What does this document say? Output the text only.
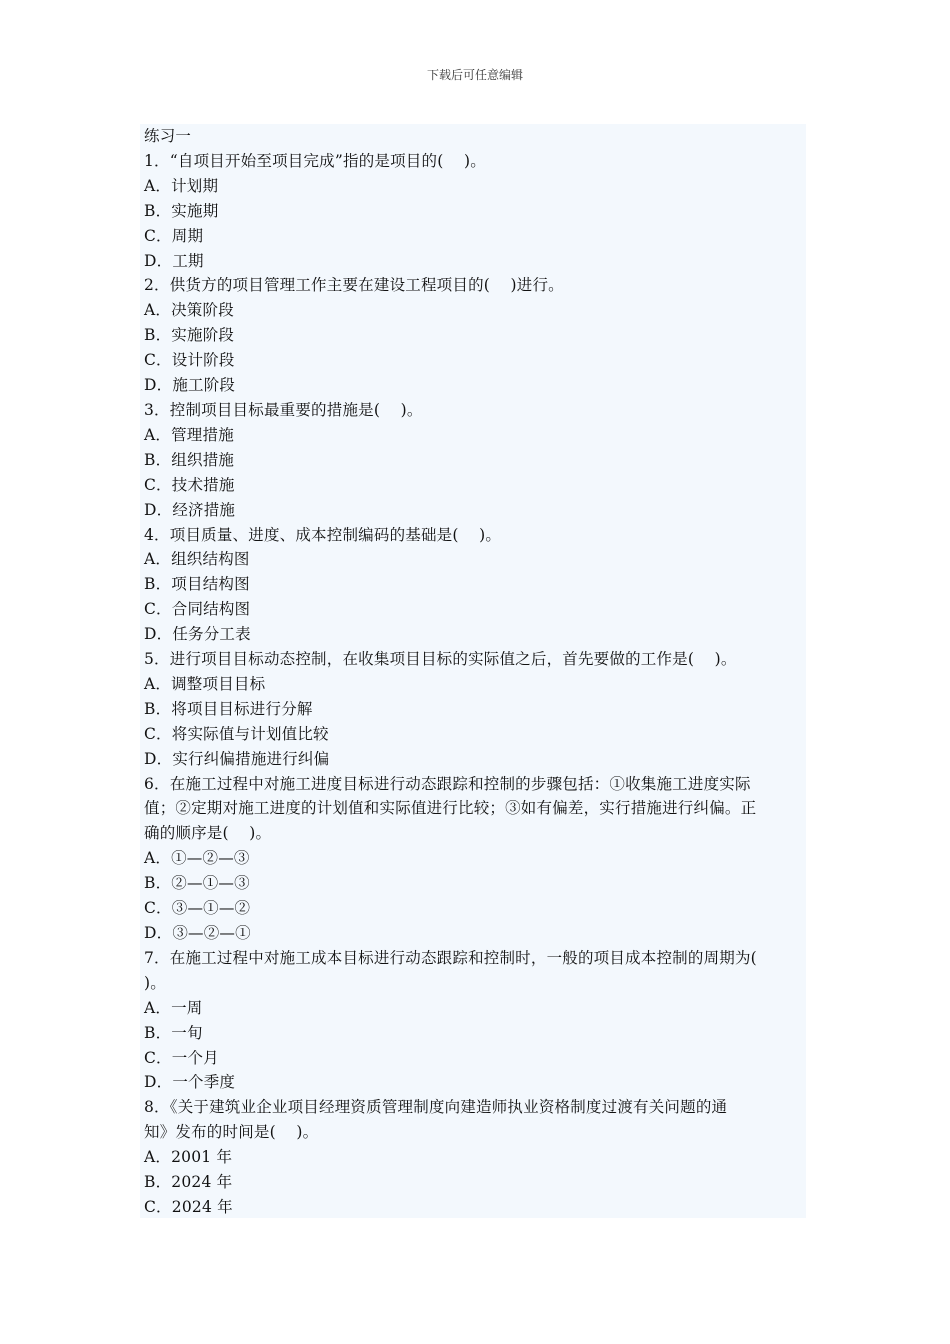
下载后可任意编辑
练习一
1．“自项目开始至项目完成”指的是项目的(    )。
A．计划期
B．实施期
C．周期
D．工期
2．供货方的项目管理工作主要在建设工程项目的(    )进行。
A．决策阶段
B．实施阶段
C．设计阶段
D．施工阶段
3．控制项目目标最重要的措施是(    )。
A．管理措施
B．组织措施
C．技术措施
D．经济措施
4．项目质量、进度、成本控制编码的基础是(    )。
A．组织结构图
B．项目结构图
C．合同结构图
D．任务分工表
5．进行项目目标动态控制，在收集项目目标的实际值之后，首先要做的工作是(    )。
A．调整项目目标
B．将项目目标进行分解
C．将实际值与计划值比较
D．实行纠偏措施进行纠偏
6．在施工过程中对施工进度目标进行动态跟踪和控制的步骤包括：①收集施工进度实际
值；②定期对施工进度的计划值和实际值进行比较；③如有偏差，实行措施进行纠偏。正
确的顺序是(    )。
A．①—②—③
B．②—①—③
C．③—①—②
D．③—②—①
7．在施工过程中对施工成本目标进行动态跟踪和控制时，一般的项目成本控制的周期为(
)。
A．一周
B．一旬
C．一个月
D．一个季度
8．《关于建筑业企业项目经理资质管理制度向建造师执业资格制度过渡有关问题的通
知》发布的时间是(    )。
A．2001 年
B．2024 年
C．2024 年
